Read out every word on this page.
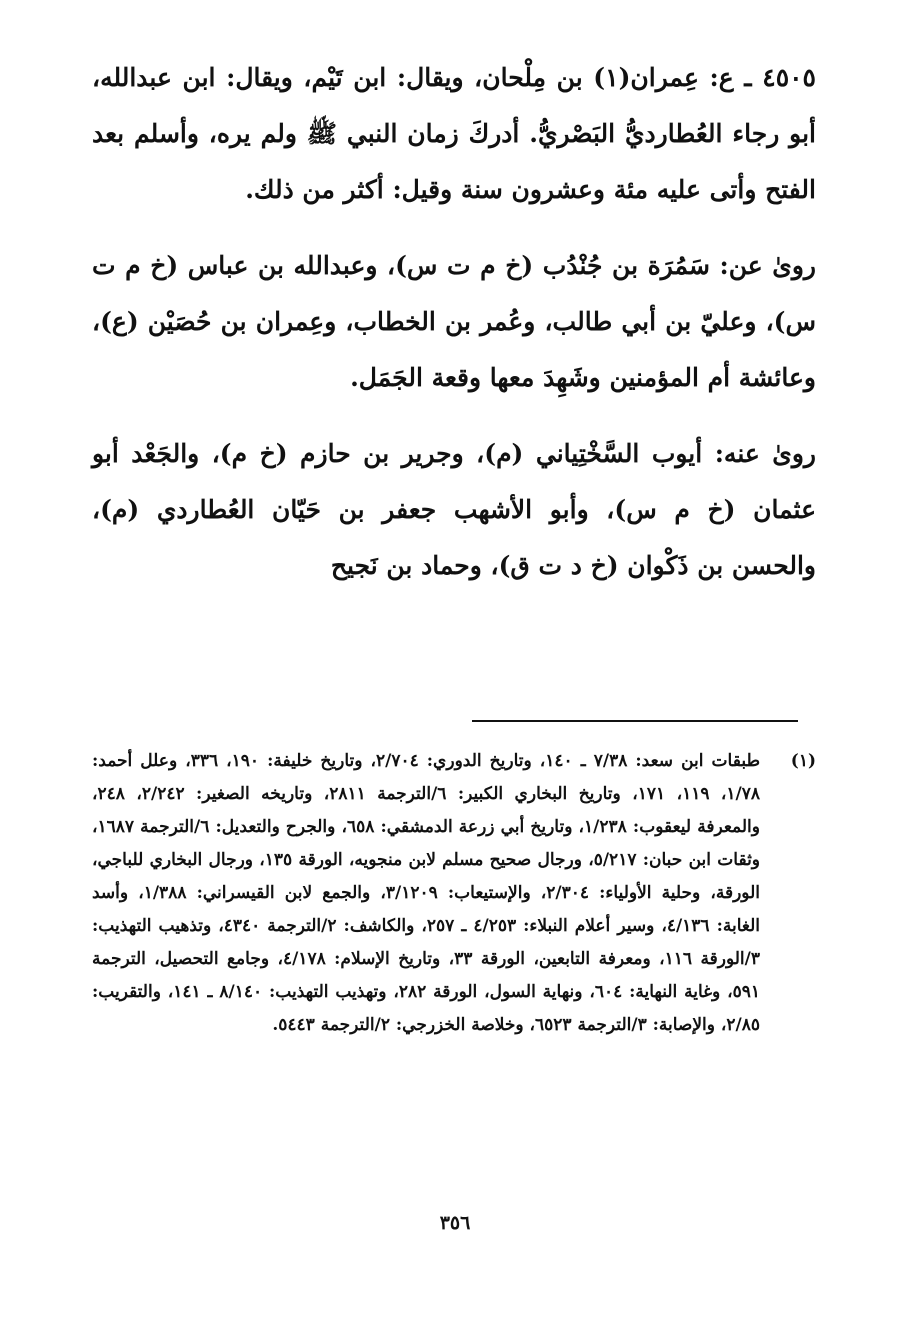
٤٥٠٥ ـ ع: عِمران(١) بن مِلْحان، ويقال: ابن تَيْم، ويقال: ابن عبدالله، أبو رجاء العُطارديُّ البَصْريُّ. أدركَ زمان النبي ﷺ ولم يره، وأسلم بعد الفتح وأتى عليه مئة وعشرون سنة وقيل: أكثر من ذلك.

روىٰ عن: سَمُرَة بن جُنْدُب (خ م ت س)، وعبدالله بن عباس (خ م ت س)، وعليّ بن أبي طالب، وعُمر بن الخطاب، وعِمران بن حُصَيْن (ع)، وعائشة أم المؤمنين وشَهِدَ معها وقعة الجَمَل.

روىٰ عنه: أيوب السَّخْتِياني (م)، وجرير بن حازم (خ م)، والجَعْد أبو عثمان (خ م س)، وأبو الأشهب جعفر بن حَيّان العُطاردي (م)، والحسن بن ذَكْوان (خ د ت ق)، وحماد بن نَجيح

(١)
طبقات ابن سعد: ٧/٣٨ ـ ١٤٠، وتاريخ الدوري: ٢/٧٠٤، وتاريخ خليفة: ١٩٠، ٣٣٦، وعلل أحمد: ١/٧٨، ١١٩، ١٧١، وتاريخ البخاري الكبير: ٦/الترجمة ٢٨١١، وتاريخه الصغير: ٢/٢٤٢، ٢٤٨، والمعرفة ليعقوب: ١/٢٣٨، وتاريخ أبي زرعة الدمشقي: ٦٥٨، والجرح والتعديل: ٦/الترجمة ١٦٨٧، وثقات ابن حبان: ٥/٢١٧، ورجال صحيح مسلم لابن منجويه، الورقة ١٣٥، ورجال البخاري للباجي، الورقة، وحلية الأولياء: ٢/٣٠٤، والإستيعاب: ٣/١٢٠٩، والجمع لابن القيسراني: ١/٣٨٨، وأسد الغابة: ٤/١٣٦، وسير أعلام النبلاء: ٤/٢٥٣ ـ ٢٥٧، والكاشف: ٢/الترجمة ٤٣٤٠، وتذهيب التهذيب: ٣/الورقة ١١٦، ومعرفة التابعين، الورقة ٣٣، وتاريخ الإسلام: ٤/١٧٨، وجامع التحصيل، الترجمة ٥٩١، وغاية النهاية: ٦٠٤، ونهاية السول، الورقة ٢٨٢، وتهذيب التهذيب: ٨/١٤٠ ـ ١٤١، والتقريب: ٢/٨٥، والإصابة: ٣/الترجمة ٦٥٢٣، وخلاصة الخزرجي: ٢/الترجمة ٥٤٤٣.
٣٥٦
